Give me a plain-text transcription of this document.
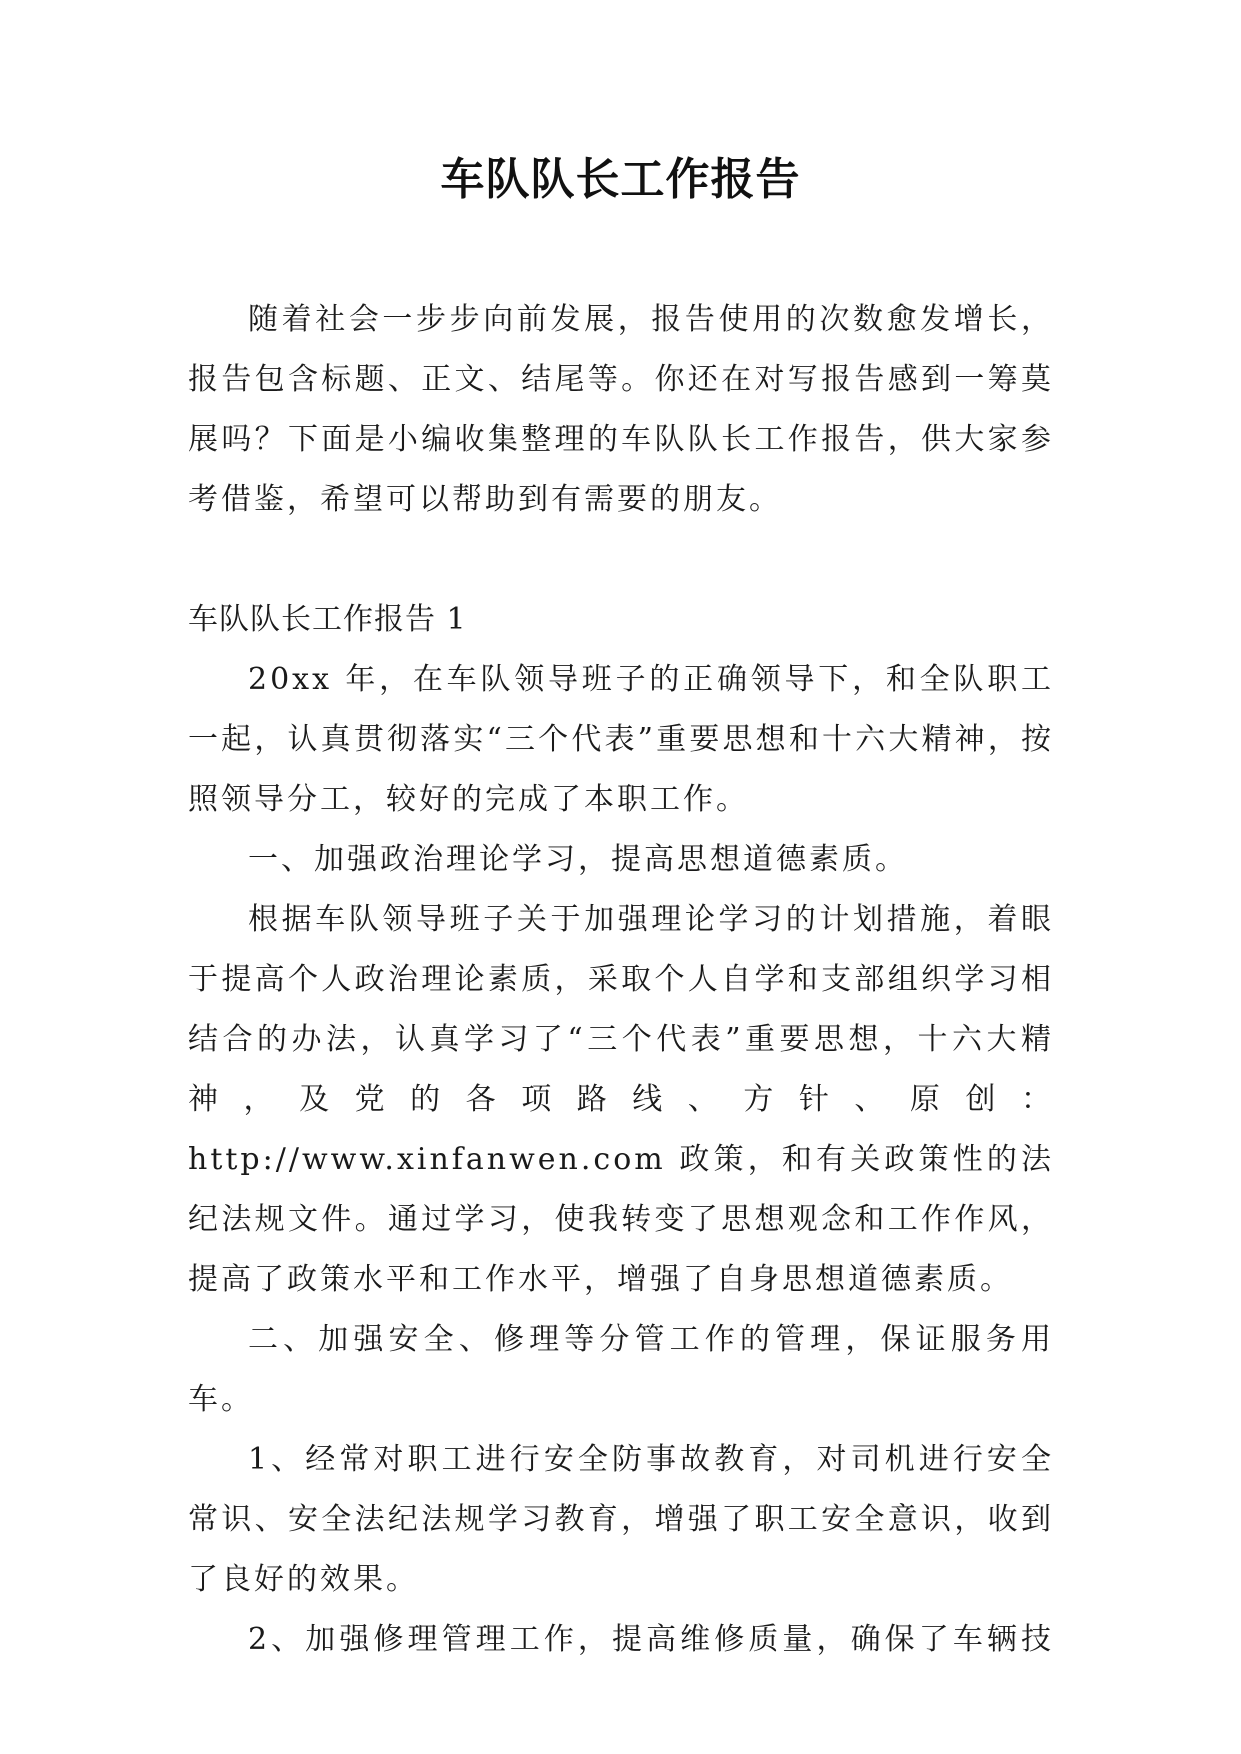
车队队长工作报告

随着社会一步步向前发展，报告使用的次数愈发增长，报告包含标题、正文、结尾等。你还在对写报告感到一筹莫展吗？下面是小编收集整理的车队队长工作报告，供大家参考借鉴，希望可以帮助到有需要的朋友。

车队队长工作报告 1

20xx 年，在车队领导班子的正确领导下，和全队职工一起，认真贯彻落实“三个代表”重要思想和十六大精神，按照领导分工，较好的完成了本职工作。

一、加强政治理论学习，提高思想道德素质。

根据车队领导班子关于加强理论学习的计划措施，着眼于提高个人政治理论素质，采取个人自学和支部组织学习相结合的办法，认真学习了“三个代表”重要思想，十六大精神，及党的各项路线、方针、原创：http://www.xinfanwen.com 政策，和有关政策性的法纪法规文件。通过学习，使我转变了思想观念和工作作风，提高了政策水平和工作水平，增强了自身思想道德素质。

二、加强安全、修理等分管工作的管理，保证服务用车。

1、经常对职工进行安全防事故教育，对司机进行安全常识、安全法纪法规学习教育，增强了职工安全意识，收到了良好的效果。

2、加强修理管理工作，提高维修质量，确保了车辆技
